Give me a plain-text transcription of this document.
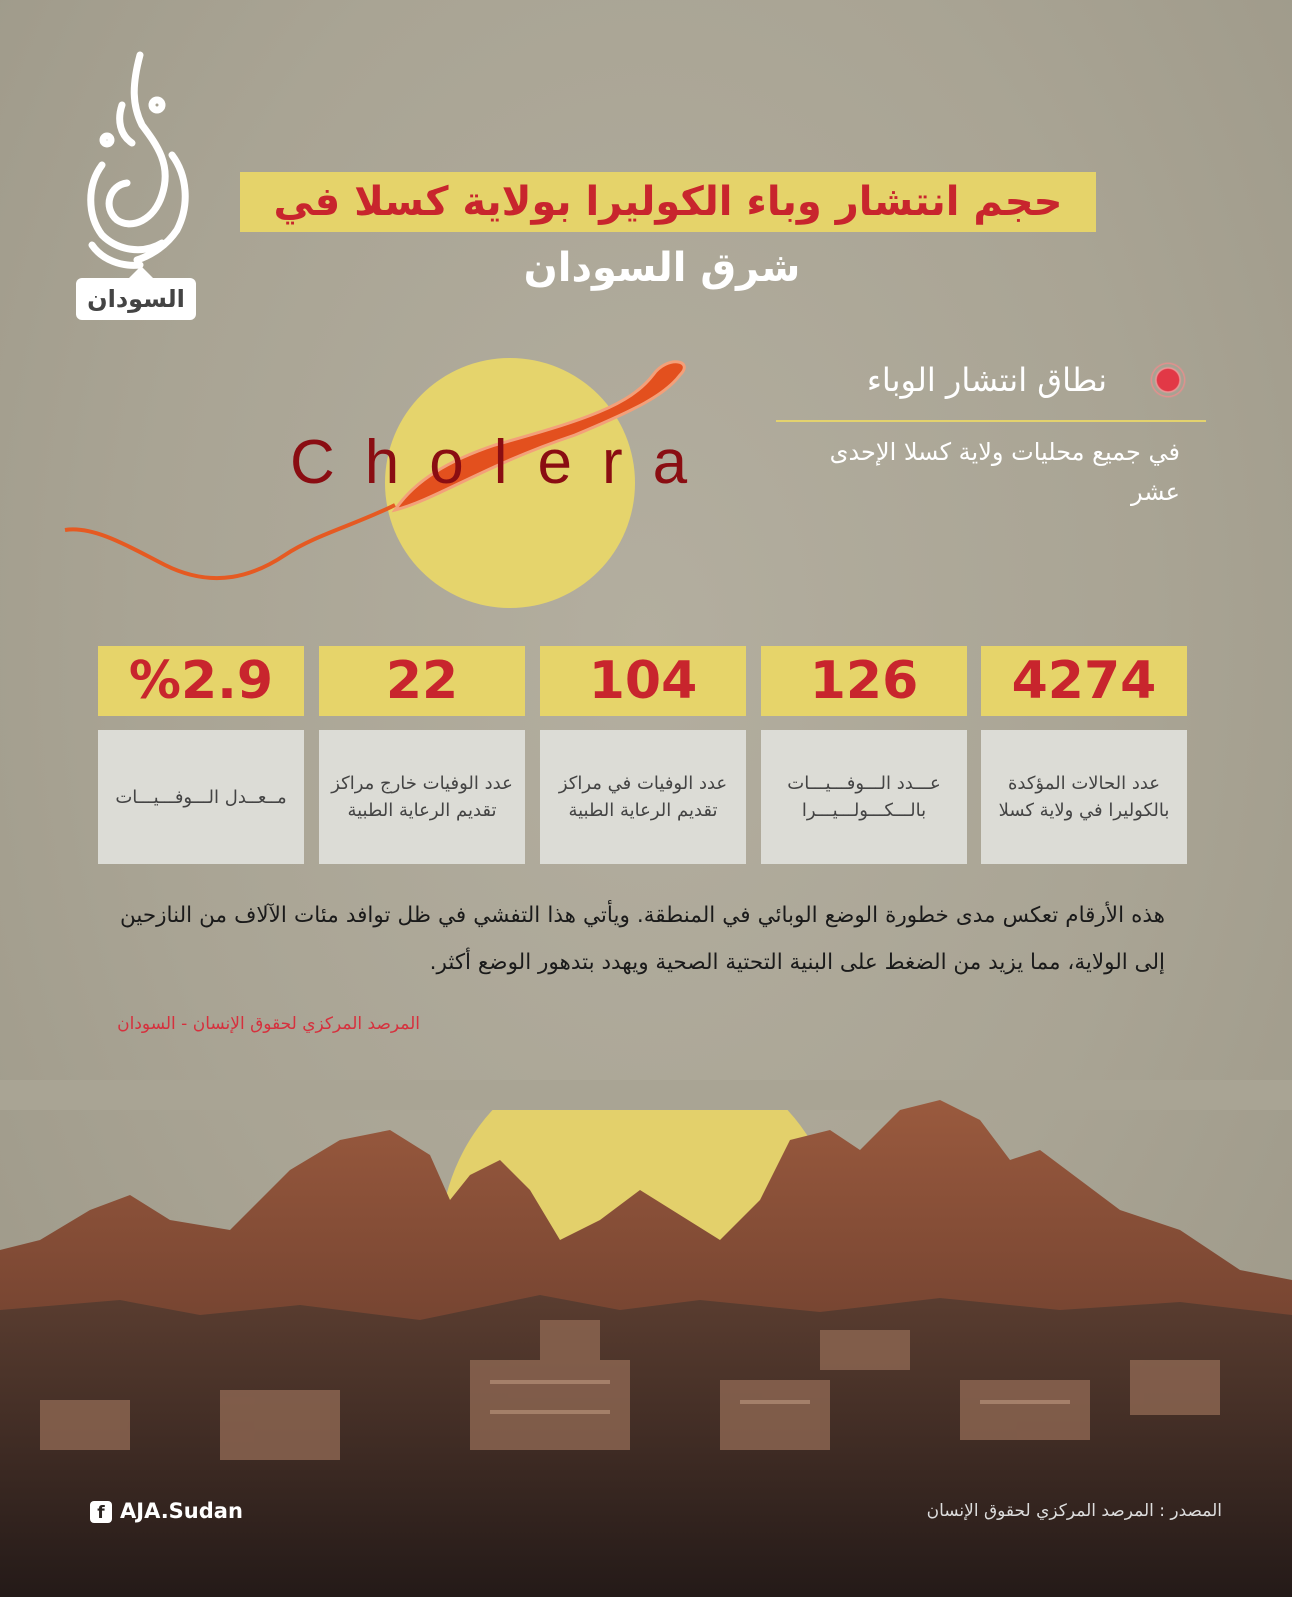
السودان
حجم انتشار وباء الكوليرا بولاية كسلا في
شرق السودان
Cholera
نطاق انتشار الوباء
في جميع محليات ولاية كسلا الإحدى عشر
4274
عدد الحالات المؤكدة بالكوليرا في ولاية كسلا
126
عـــدد الـــوفـــيـــات بالـــكـــولـــيـــرا
104
عدد الوفيات في مراكز تقديم الرعاية الطبية
22
عدد الوفيات خارج مراكز تقديم الرعاية الطبية
%2.9
مــعــدل الـــوفـــيـــات
هذه الأرقام تعكس مدى خطورة الوضع الوبائي في المنطقة. ويأتي هذا التفشي في ظل توافد مئات الآلاف من النازحين إلى الولاية، مما يزيد من الضغط على البنية التحتية الصحية ويهدد بتدهور الوضع أكثر.
المرصد المركزي لحقوق الإنسان - السودان
f AJA.Sudan	المصدر : المرصد المركزي لحقوق الإنسان
